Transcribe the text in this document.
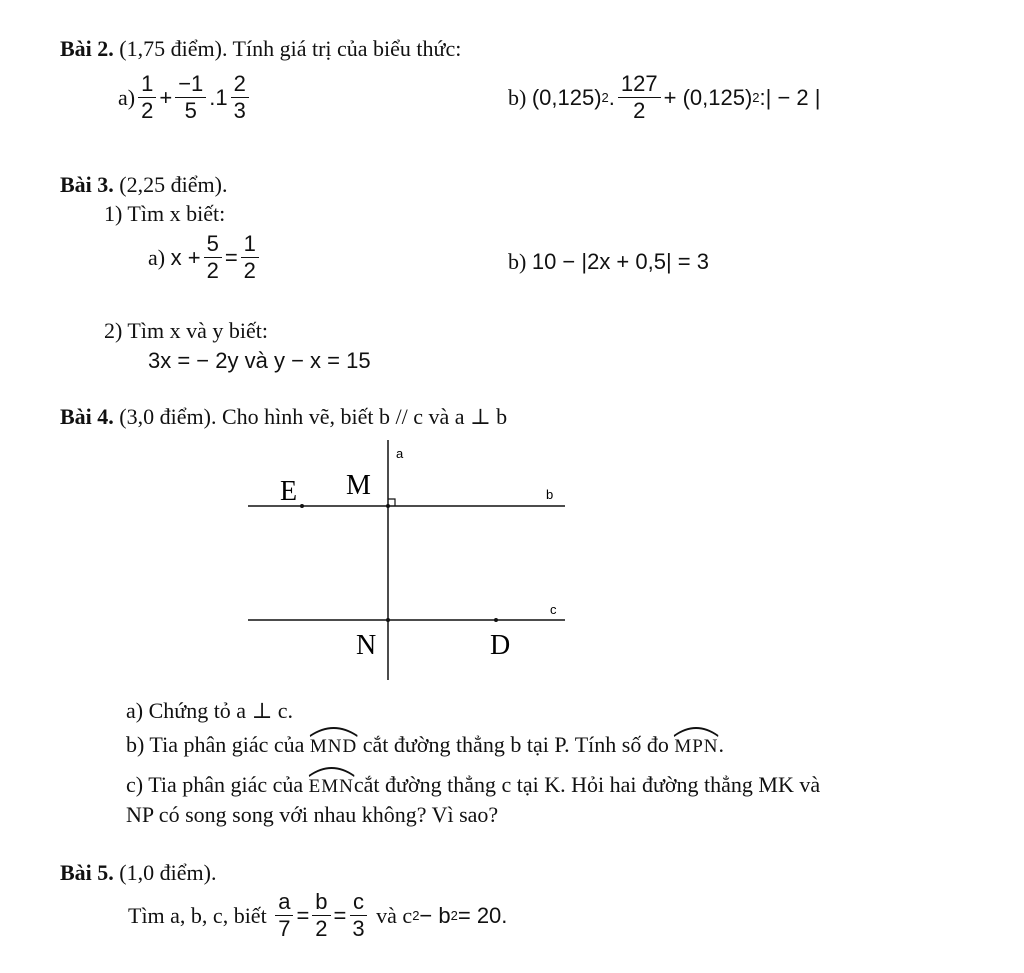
Bài 2. (1,75 điểm). Tính giá trị của biểu thức:
$a) \frac{1}{2} + \frac{-1}{5} .1 \frac{2}{3}$	b)
(0,125) 2 . $\frac{127}{2} + (0,125)$ 2 :| − 2 |
Bài 3. (2,25 điểm).
1) Tìm x biết:
a)
$x + \frac{5}{2} = \frac{1}{2}$	b) 10 − |2x + 0,5| = 3
2) Tìm x và y biết:
3x = − 2y và y − x = 15
Bài 4. (3,0 điểm). Cho hình vẽ, biết b // c và a ⊥ b
E M
N	D
a
b
c
a) Chứng tỏ a ⊥ c.
b) Tia phân giác của MND cắt đường thẳng b tại P. Tính số đo MPN.
c) Tia phân giác của EMNcắt đường thẳng c tại K. Hỏi hai đường thẳng MK và
NP có song song với nhau không? Vì sao?
Bài 5. (1,0 điểm).
Tìm a, b, c, biết
$\frac{a}{7} = \frac{b}{2} = \frac{c}{3}$
và c 2 − b 2 = 20.
